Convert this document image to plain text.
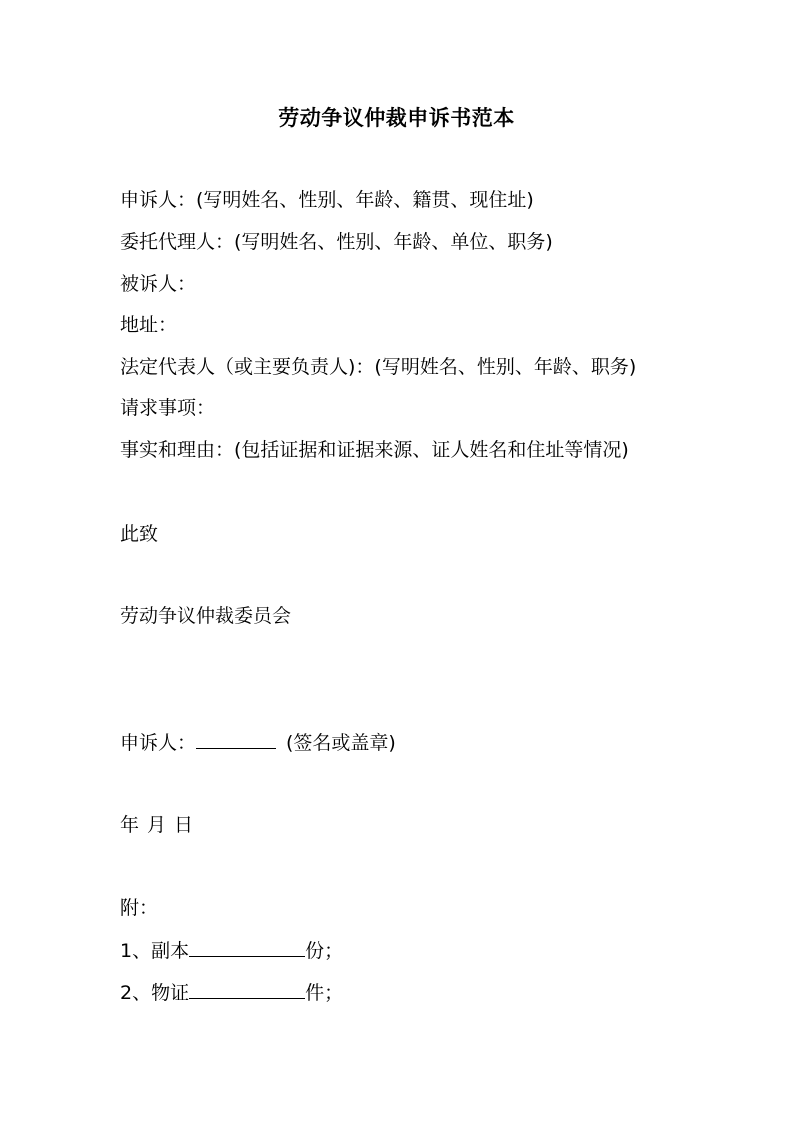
劳动争议仲裁申诉书范本
申诉人：(写明姓名、性别、年龄、籍贯、现住址)
委托代理人：(写明姓名、性别、年龄、单位、职务)
被诉人：
地址：
法定代表人（或主要负责人)：(写明姓名、性别、年龄、职务)
请求事项：
事实和理由：(包括证据和证据来源、证人姓名和住址等情况)
此致
劳动争议仲裁委员会
申诉人：	(签名或盖章)
年 月 日
附：
1、副本	份；
2、物证	件；
